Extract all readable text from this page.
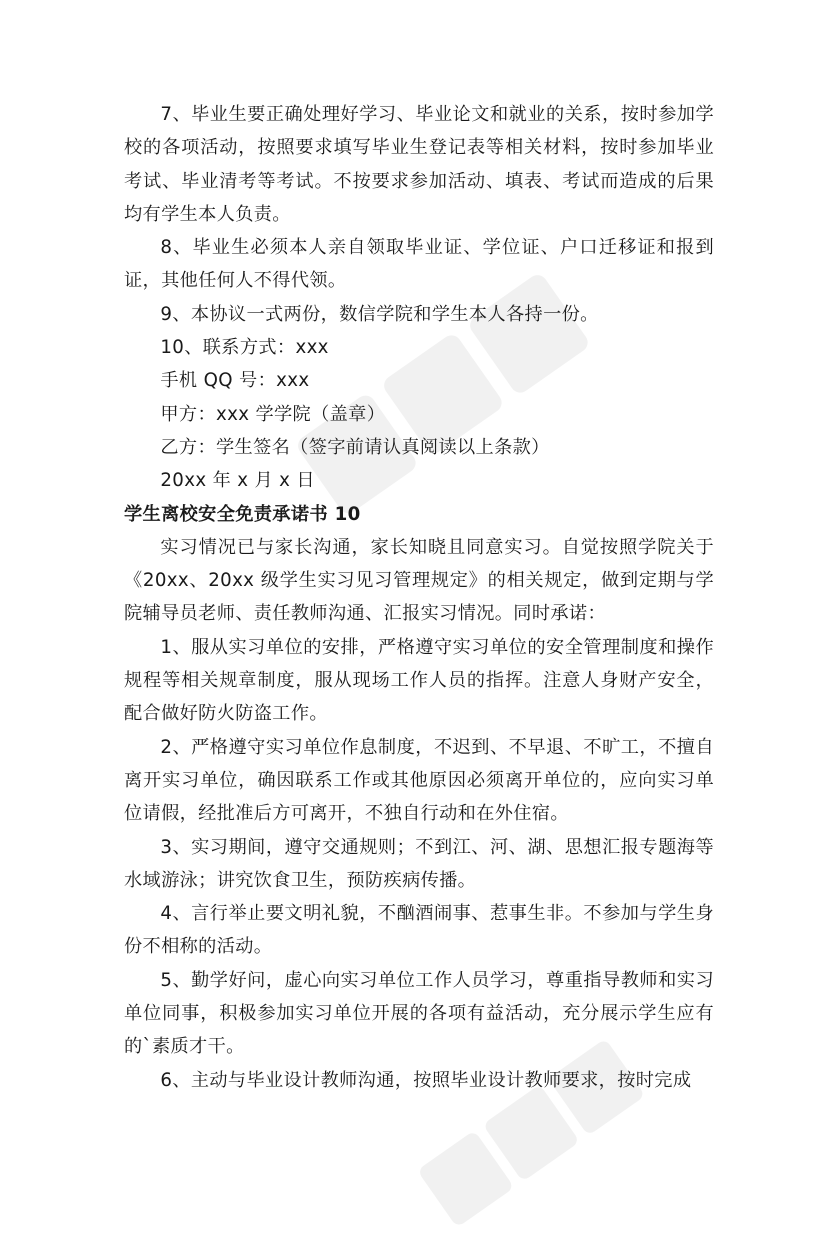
7、毕业生要正确处理好学习、毕业论文和就业的关系，按时参加学校的各项活动，按照要求填写毕业生登记表等相关材料，按时参加毕业考试、毕业清考等考试。不按要求参加活动、填表、考试而造成的后果均有学生本人负责。

8、毕业生必须本人亲自领取毕业证、学位证、户口迁移证和报到证，其他任何人不得代领。

9、本协议一式两份，数信学院和学生本人各持一份。

10、联系方式：xxx

手机 QQ 号：xxx

甲方：xxx 学学院（盖章）

乙方：学生签名（签字前请认真阅读以上条款）

20xx 年 x 月 x 日

学生离校安全免责承诺书 10

实习情况已与家长沟通，家长知晓且同意实习。自觉按照学院关于《20xx、20xx 级学生实习见习管理规定》的相关规定，做到定期与学院辅导员老师、责任教师沟通、汇报实习情况。同时承诺：

1、服从实习单位的安排，严格遵守实习单位的安全管理制度和操作规程等相关规章制度，服从现场工作人员的指挥。注意人身财产安全，配合做好防火防盗工作。

2、严格遵守实习单位作息制度，不迟到、不早退、不旷工，不擅自离开实习单位，确因联系工作或其他原因必须离开单位的，应向实习单位请假，经批准后方可离开，不独自行动和在外住宿。

3、实习期间，遵守交通规则；不到江、河、湖、思想汇报专题海等水域游泳；讲究饮食卫生，预防疾病传播。

4、言行举止要文明礼貌，不酗酒闹事、惹事生非。不参加与学生身份不相称的活动。

5、勤学好问，虚心向实习单位工作人员学习，尊重指导教师和实习单位同事，积极参加实习单位开展的各项有益活动，充分展示学生应有的`素质才干。

6、主动与毕业设计教师沟通，按照毕业设计教师要求，按时完成
